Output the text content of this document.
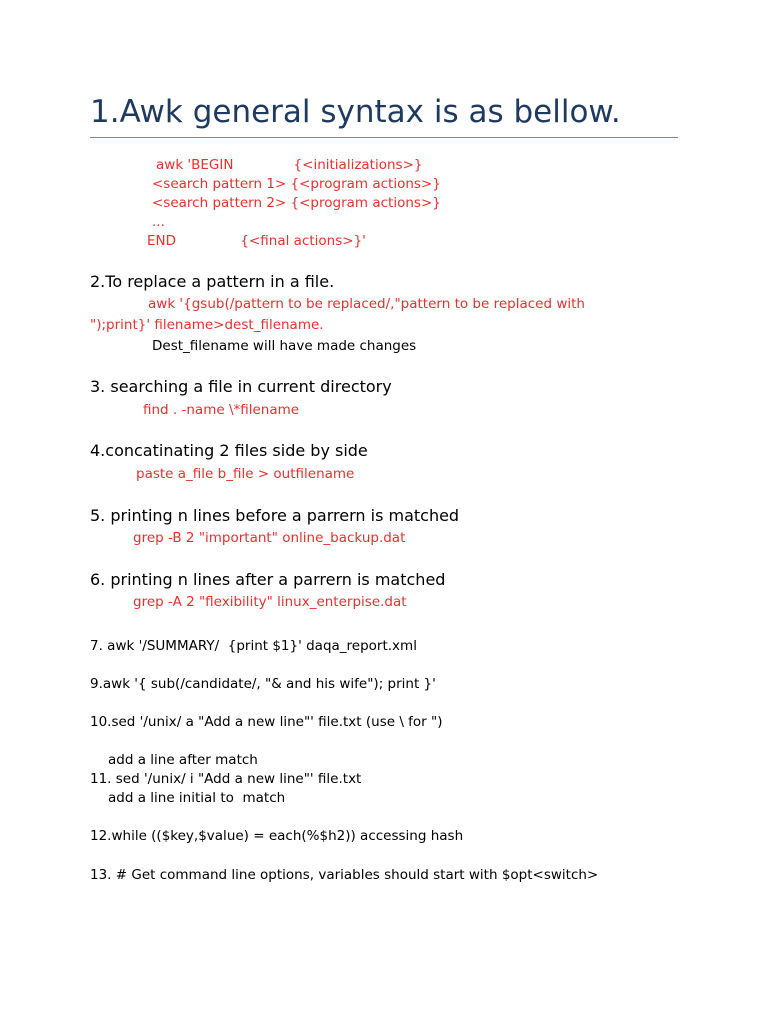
1.Awk general syntax is as bellow.
awk 'BEGIN              {<initializations>}
<search pattern 1> {<program actions>}
<search pattern 2> {<program actions>}
...
END               {<final actions>}'
2.To replace a pattern in a file.
awk '{gsub(/pattern to be replaced/,"pattern to be replaced with
");print}' filename>dest_filename.
Dest_filename will have made changes
3. searching a file in current directory
find . -name \*filename
4.concatinating 2 files side by side
paste a_file b_file > outfilename
5. printing n lines before a parrern is matched
grep -B 2 "important" online_backup.dat
6. printing n lines after a parrern is matched
grep -A 2 "flexibility" linux_enterpise.dat
7. awk '/SUMMARY/  {print $1}' daqa_report.xml
9.awk '{ sub(/candidate/, "& and his wife"); print }'
10.sed '/unix/ a "Add a new line"' file.txt (use \ for ")
add a line after match
11. sed '/unix/ i "Add a new line"' file.txt
add a line initial to  match
12.while (($key,$value) = each(%$h2)) accessing hash
13. # Get command line options, variables should start with $opt<switch>
